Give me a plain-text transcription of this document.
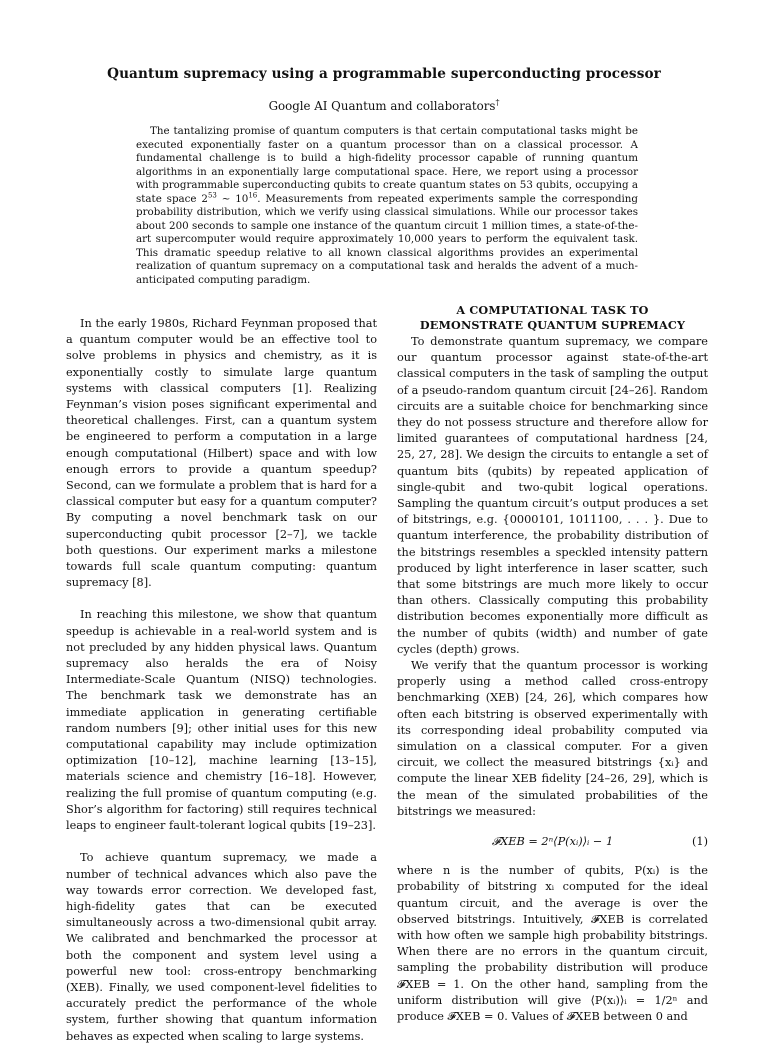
Quantum supremacy using a programmable superconducting processor
Google AI Quantum and collaborators†

The tantalizing promise of quantum computers is that certain computational tasks might be executed exponentially faster on a quantum processor than on a classical processor. A fundamental challenge is to build a high-fidelity processor capable of running quantum algorithms in an exponentially large computational space. Here, we report using a processor with programmable superconducting qubits to create quantum states on 53 qubits, occupying a state space $2^{53}$ ∼ $10^{16}$. Measurements from repeated experiments sample the corresponding probability distribution, which we verify using classical simulations. While our processor takes about 200 seconds to sample one instance of the quantum circuit 1 million times, a state-of-the-art supercomputer would require approximately 10,000 years to perform the equivalent task. This dramatic speedup relative to all known classical algorithms provides an experimental realization of quantum supremacy on a computational task and heralds the advent of a much-anticipated computing paradigm.

In the early 1980s, Richard Feynman proposed that a quantum computer would be an effective tool to solve problems in physics and chemistry, as it is exponentially costly to simulate large quantum systems with classical computers [1]. Realizing Feynman’s vision poses significant experimental and theoretical challenges. First, can a quantum system be engineered to perform a computation in a large enough computational (Hilbert) space and with low enough errors to provide a quantum speedup? Second, can we formulate a problem that is hard for a classical computer but easy for a quantum computer? By computing a novel benchmark task on our superconducting qubit processor [2–7], we tackle both questions. Our experiment marks a milestone towards full scale quantum computing: quantum supremacy [8].

In reaching this milestone, we show that quantum speedup is achievable in a real-world system and is not precluded by any hidden physical laws. Quantum supremacy also heralds the era of Noisy Intermediate-Scale Quantum (NISQ) technologies. The benchmark task we demonstrate has an immediate application in generating certifiable random numbers [9]; other initial uses for this new computational capability may include optimization optimization [10–12], machine learning [13–15], materials science and chemistry [16–18]. However, realizing the full promise of quantum computing (e.g. Shor’s algorithm for factoring) still requires technical leaps to engineer fault-tolerant logical qubits [19–23].

To achieve quantum supremacy, we made a number of technical advances which also pave the way towards error correction. We developed fast, high-fidelity gates that can be executed simultaneously across a two-dimensional qubit array. We calibrated and benchmarked the processor at both the component and system level using a powerful new tool: cross-entropy benchmarking (XEB). Finally, we used component-level fidelities to accurately predict the performance of the whole system, further showing that quantum information behaves as expected when scaling to large systems.

A COMPUTATIONAL TASK TO
DEMONSTRATE QUANTUM SUPREMACY

To demonstrate quantum supremacy, we compare our quantum processor against state-of-the-art classical computers in the task of sampling the output of a pseudo-random quantum circuit [24–26]. Random circuits are a suitable choice for benchmarking since they do not possess structure and therefore allow for limited guarantees of computational hardness [24, 25, 27, 28]. We design the circuits to entangle a set of quantum bits (qubits) by repeated application of single-qubit and two-qubit logical operations. Sampling the quantum circuit’s output produces a set of bitstrings, e.g. {0000101, 1011100, . . . }. Due to quantum interference, the probability distribution of the bitstrings resembles a speckled intensity pattern produced by light interference in laser scatter, such that some bitstrings are much more likely to occur than others. Classically computing this probability distribution becomes exponentially more difficult as the number of qubits (width) and number of gate cycles (depth) grows.

We verify that the quantum processor is working properly using a method called cross-entropy benchmarking (XEB) [24, 26], which compares how often each bitstring is observed experimentally with its corresponding ideal probability computed via simulation on a classical computer. For a given circuit, we collect the measured bitstrings {xᵢ} and compute the linear XEB fidelity [24–26, 29], which is the mean of the simulated probabilities of the bitstrings we measured:

𝓕XEB = 2ⁿ⟨P(xᵢ)⟩ᵢ − 1	(1)

where n is the number of qubits, P(xᵢ) is the probability of bitstring xᵢ computed for the ideal quantum circuit, and the average is over the observed bitstrings. Intuitively, 𝓕XEB is correlated with how often we sample high probability bitstrings. When there are no errors in the quantum circuit, sampling the probability distribution will produce 𝓕XEB = 1. On the other hand, sampling from the uniform distribution will give ⟨P(xᵢ)⟩ᵢ = 1/2ⁿ and produce 𝓕XEB = 0. Values of 𝓕XEB between 0 and
